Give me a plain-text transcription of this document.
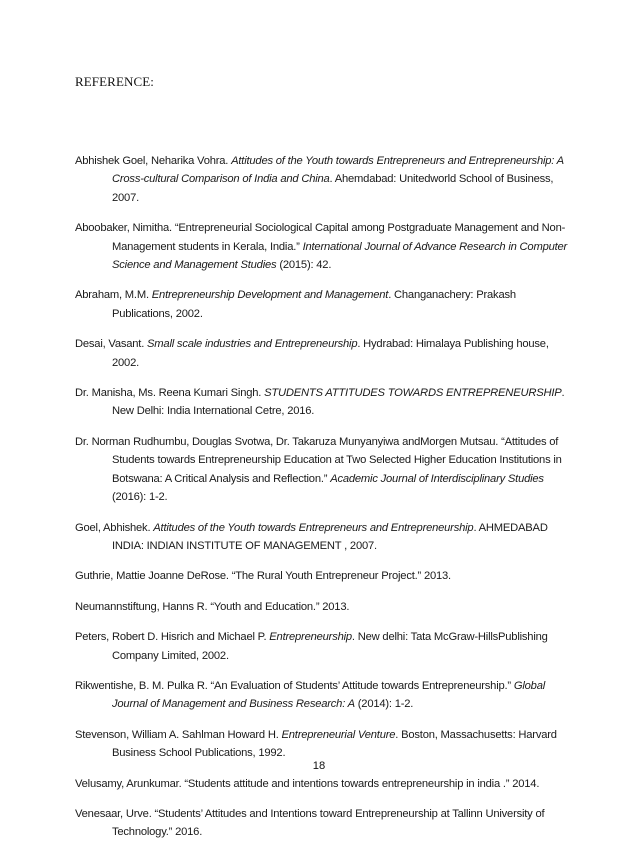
REFERENCE:

Abhishek Goel, Neharika Vohra. Attitudes of the Youth towards Entrepreneurs and Entrepreneurship: A Cross-cultural Comparison of India and China. Ahemdabad: Unitedworld School of Business, 2007.

Aboobaker, Nimitha. “Entrepreneurial Sociological Capital among Postgraduate Management and Non-Management students in Kerala, India.” International Journal of Advance Research in Computer Science and Management Studies (2015): 42.

Abraham, M.M. Entrepreneurship Development and Management. Changanachery: Prakash Publications, 2002.

Desai, Vasant. Small scale industries and Entrepreneurship. Hydrabad: Himalaya Publishing house, 2002.

Dr. Manisha, Ms. Reena Kumari Singh. STUDENTS ATTITUDES TOWARDS ENTREPRENEURSHIP. New Delhi: India International Cetre, 2016.

Dr. Norman Rudhumbu, Douglas Svotwa, Dr. Takaruza Munyanyiwa andMorgen Mutsau. “Attitudes of Students towards Entrepreneurship Education at Two Selected Higher Education Institutions in Botswana: A Critical Analysis and Reflection.” Academic Journal of Interdisciplinary Studies (2016): 1-2.

Goel, Abhishek. Attitudes of the Youth towards Entrepreneurs and Entrepreneurship. AHMEDABAD INDIA: INDIAN INSTITUTE OF MANAGEMENT , 2007.

Guthrie, Mattie Joanne DeRose. “The Rural Youth Entrepreneur Project.” 2013.

Neumannstiftung, Hanns R. “Youth and Education.” 2013.

Peters, Robert D. Hisrich and Michael P. Entrepreneurship. New delhi: Tata McGraw-HillsPublishing Company Limited, 2002.

Rikwentishe, B. M. Pulka R. “An Evaluation of Students’ Attitude towards Entrepreneurship.” Global Journal of Management and Business Research: A (2014): 1-2.

Stevenson, William A. Sahlman Howard H. Entrepreneurial Venture. Boston, Massachusetts: Harvard Business School Publications, 1992.

Velusamy, Arunkumar. “Students attitude and intentions towards entrepreneurship in india .” 2014.

Venesaar, Urve. “Students’ Attitudes and Intentions toward Entrepreneurship at Tallinn University of Technology.” 2016.

18
